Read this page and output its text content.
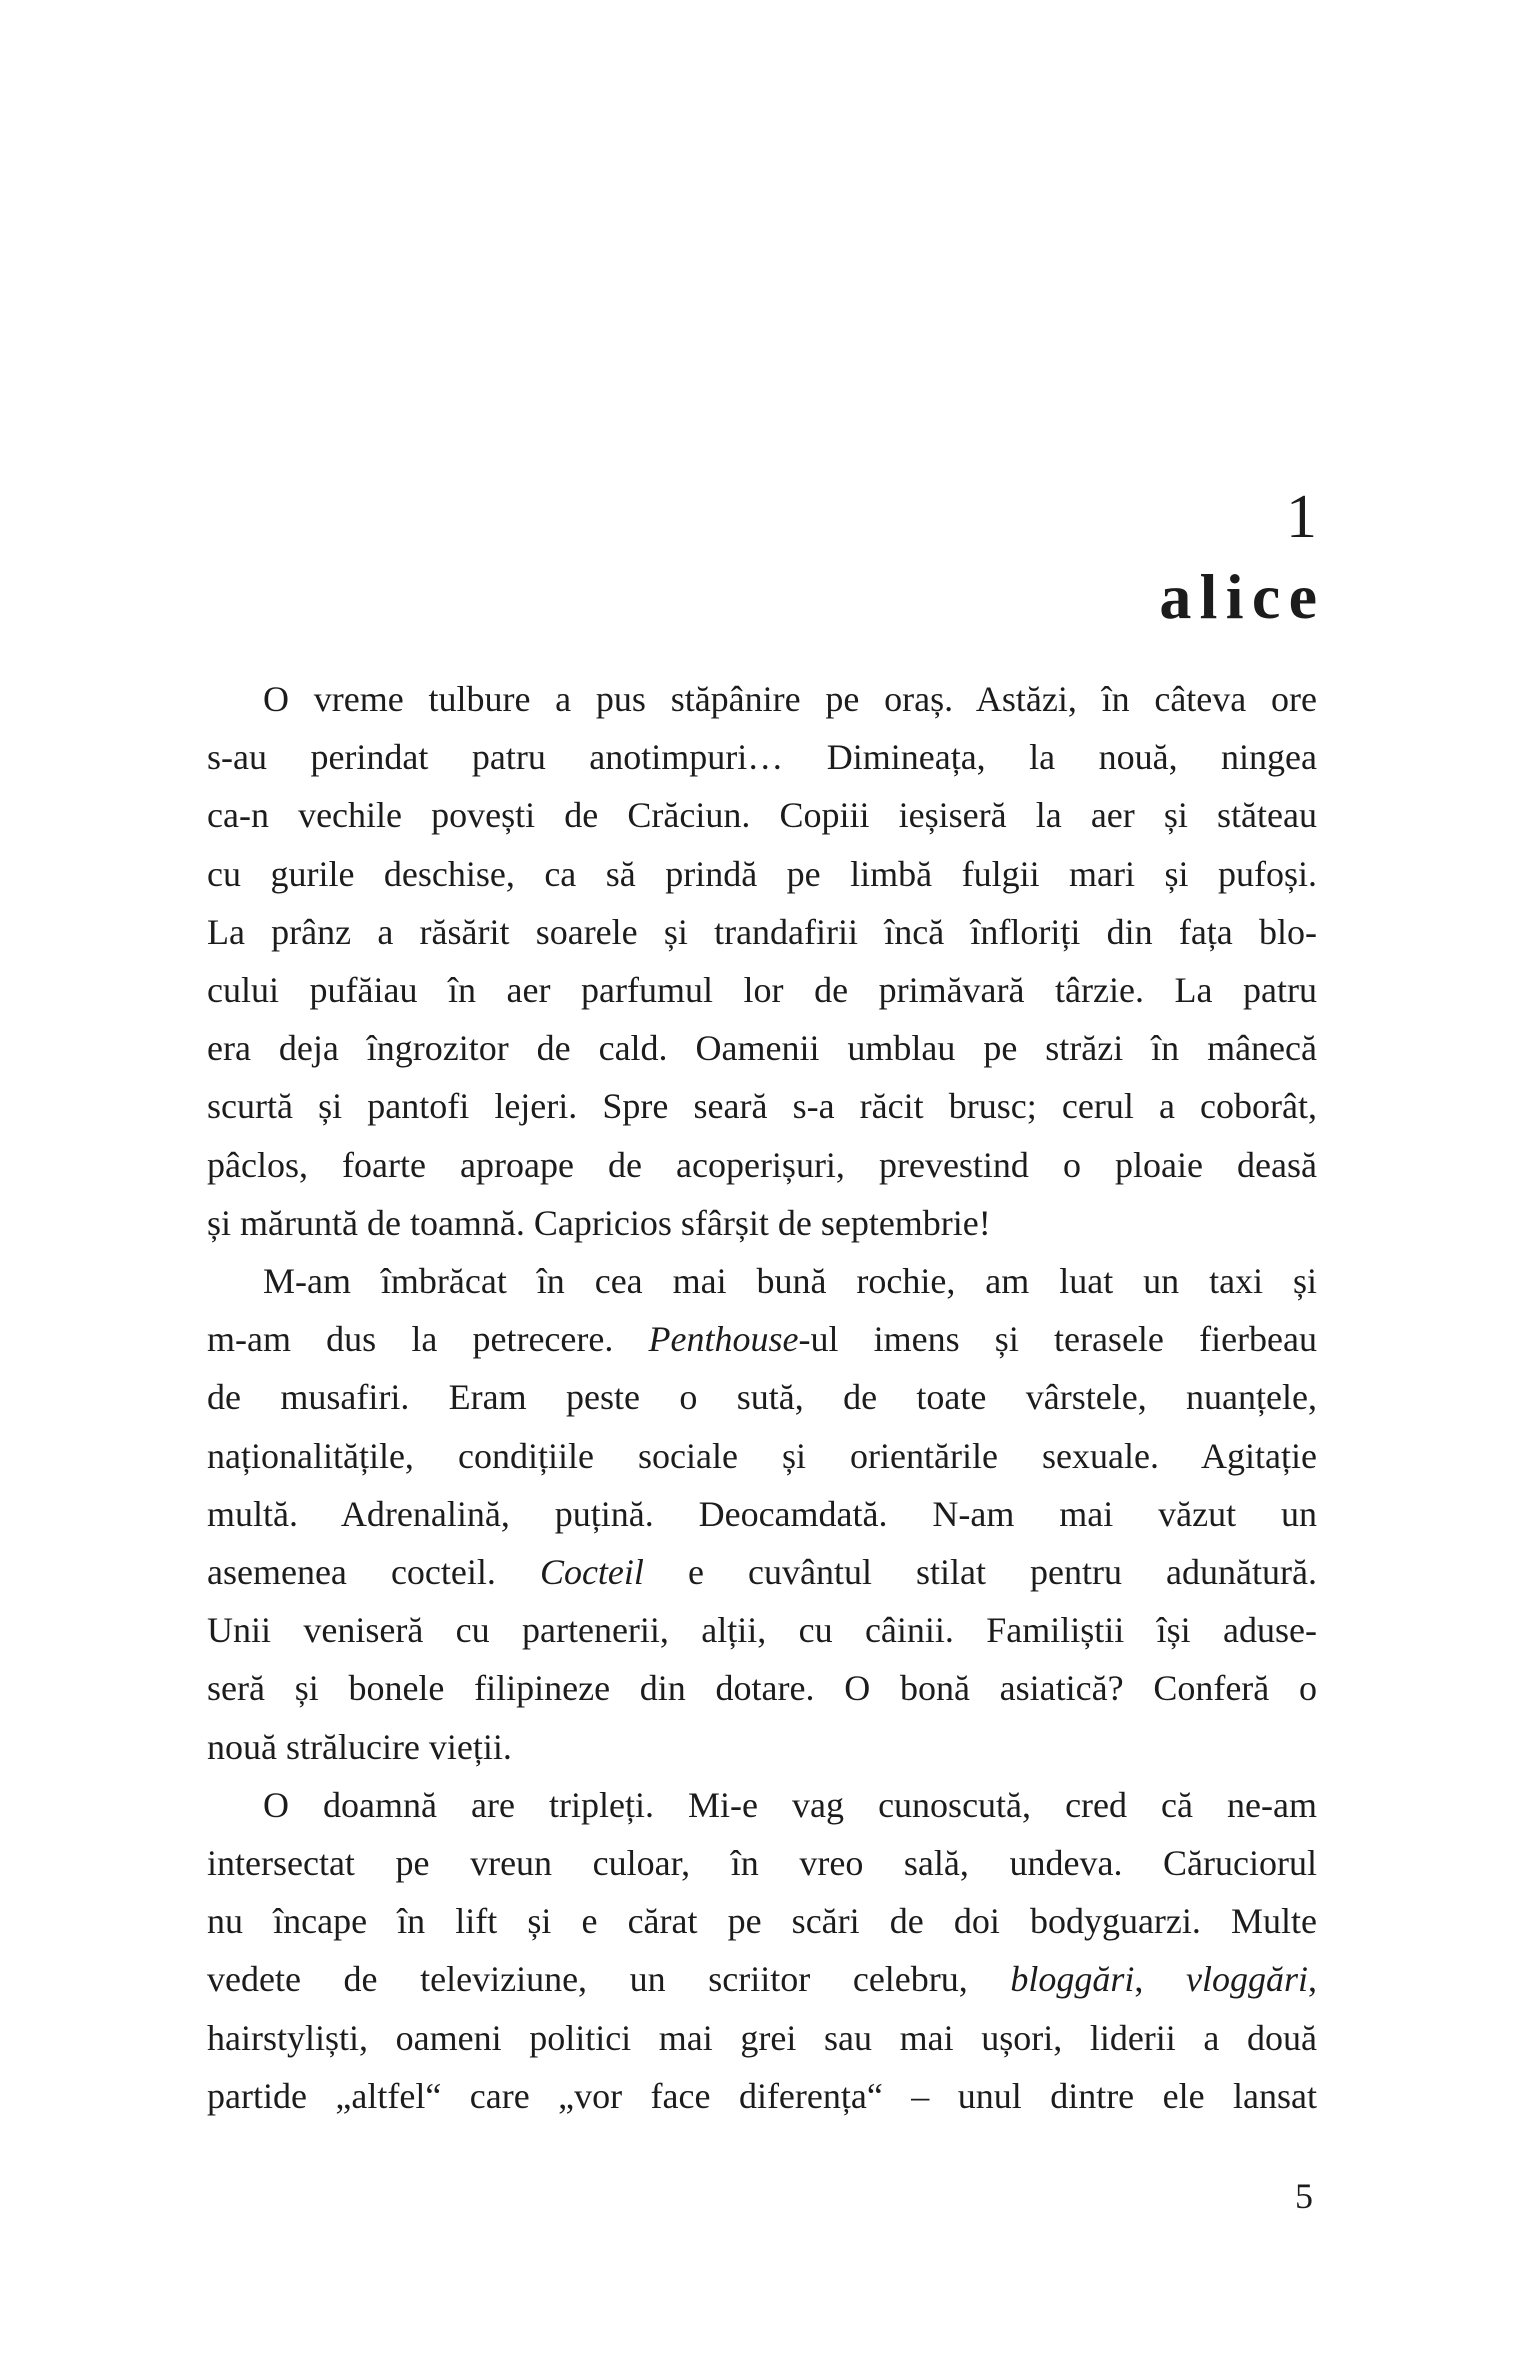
1
alice
O vreme tulbure a pus stăpânire pe oraș. Astăzi, în câteva ore
s-au perindat patru anotimpuri… Dimineața, la nouă, ningea
ca-n vechile povești de Crăciun. Copiii ieșiseră la aer și stăteau
cu gurile deschise, ca să prindă pe limbă fulgii mari și pufoși.
La prânz a răsărit soarele și trandafirii încă înfloriți din fața blo-
cului pufăiau în aer parfumul lor de primăvară târzie. La patru
era deja îngrozitor de cald. Oamenii umblau pe străzi în mânecă
scurtă și pantofi lejeri. Spre seară s-a răcit brusc; cerul a coborât,
pâclos, foarte aproape de acoperișuri, prevestind o ploaie deasă
și măruntă de toamnă. Capricios sfârșit de septembrie!
M-am îmbrăcat în cea mai bună rochie, am luat un taxi și
m-am dus la petrecere. Penthouse-ul imens și terasele fierbeau
de musafiri. Eram peste o sută, de toate vârstele, nuanțele,
naționalitățile, condițiile sociale și orientările sexuale. Agitație
multă. Adrenalină, puțină. Deocamdată. N-am mai văzut un
asemenea cocteil. Cocteil e cuvântul stilat pentru adunătură.
Unii veniseră cu partenerii, alții, cu câinii. Familiștii își aduse-
seră și bonele filipineze din dotare. O bonă asiatică? Conferă o
nouă strălucire vieții.
O doamnă are tripleți. Mi-e vag cunoscută, cred că ne-am
intersectat pe vreun culoar, în vreo sală, undeva. Căruciorul
nu încape în lift și e cărat pe scări de doi bodyguarzi. Multe
vedete de televiziune, un scriitor celebru, bloggări, vloggări,
hairstyliști, oameni politici mai grei sau mai ușori, liderii a două
partide „altfel“ care „vor face diferența“ – unul dintre ele lansat
5
